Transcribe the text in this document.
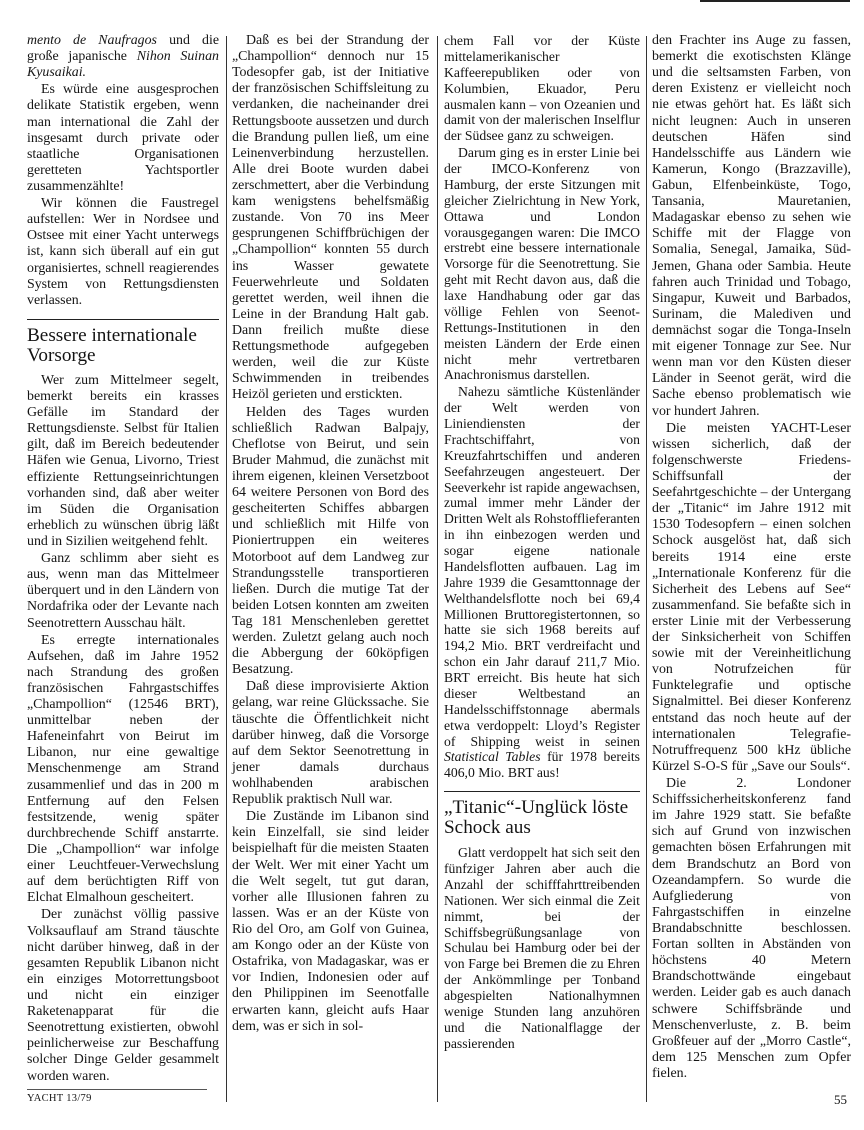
mento de Naufragos und die große japanische Nihon Suinan Kyusaikai.

Es würde eine ausgesprochen delikate Statistik ergeben, wenn man international die Zahl der insgesamt durch private oder staatliche Organisationen geretteten Yachtsportler zusammenzählte!

Wir können die Faustregel aufstellen: Wer in Nordsee und Ostsee mit einer Yacht unterwegs ist, kann sich überall auf ein gut organisiertes, schnell reagierendes System von Rettungsdiensten verlassen.

Bessere internationale Vorsorge

Wer zum Mittelmeer segelt, bemerkt bereits ein krasses Gefälle im Standard der Rettungsdienste. Selbst für Italien gilt, daß im Bereich bedeutender Häfen wie Genua, Livorno, Triest effiziente Rettungseinrichtungen vorhanden sind, daß aber weiter im Süden die Organisation erheblich zu wünschen übrig läßt und in Sizilien weitgehend fehlt.

Ganz schlimm aber sieht es aus, wenn man das Mittelmeer überquert und in den Ländern von Nordafrika oder der Levante nach Seenotrettern Ausschau hält.

Es erregte internationales Aufsehen, daß im Jahre 1952 nach Strandung des großen französischen Fahrgastschiffes „Champollion“ (12546 BRT), unmittelbar neben der Hafeneinfahrt von Beirut im Libanon, nur eine gewaltige Menschenmenge am Strand zusammenlief und das in 200 m Entfernung auf den Felsen festsitzende, wenig später durchbrechende Schiff anstarrte. Die „Champollion“ war infolge einer Leuchtfeuer-Verwechslung auf dem berüchtigten Riff von Elchat Elmalhoun gescheitert.

Der zunächst völlig passive Volksauflauf am Strand täuschte nicht darüber hinweg, daß in der gesamten Republik Libanon nicht ein einziges Motorrettungsboot und nicht ein einziger Raketenapparat für die Seenotrettung existierten, obwohl peinlicherweise zur Beschaffung solcher Dinge Gelder gesammelt worden waren.

Daß es bei der Strandung der „Champollion“ dennoch nur 15 Todesopfer gab, ist der Initiative der französischen Schiffsleitung zu verdanken, die nacheinander drei Rettungsboote aussetzen und durch die Brandung pullen ließ, um eine Leinenverbindung herzustellen. Alle drei Boote wurden dabei zerschmettert, aber die Verbindung kam wenigstens behelfsmäßig zustande. Von 70 ins Meer gesprungenen Schiffbrüchigen der „Champollion“ konnten 55 durch ins Wasser gewatete Feuerwehrleute und Soldaten gerettet werden, weil ihnen die Leine in der Brandung Halt gab. Dann freilich mußte diese Rettungsmethode aufgegeben werden, weil die zur Küste Schwimmenden in treibendes Heizöl gerieten und erstickten.

Helden des Tages wurden schließlich Radwan Balpajy, Cheflotse von Beirut, und sein Bruder Mahmud, die zunächst mit ihrem eigenen, kleinen Versetzboot 64 weitere Personen von Bord des gescheiterten Schiffes abbargen und schließlich mit Hilfe von Pioniertruppen ein weiteres Motorboot auf dem Landweg zur Strandungsstelle transportieren ließen. Durch die mutige Tat der beiden Lotsen konnten am zweiten Tag 181 Menschenleben gerettet werden. Zuletzt gelang auch noch die Abbergung der 60köpfigen Besatzung.

Daß diese improvisierte Aktion gelang, war reine Glückssache. Sie täuschte die Öffentlichkeit nicht darüber hinweg, daß die Vorsorge auf dem Sektor Seenotrettung in jener damals durchaus wohlhabenden arabischen Republik praktisch Null war.

Die Zustände im Libanon sind kein Einzelfall, sie sind leider beispielhaft für die meisten Staaten der Welt. Wer mit einer Yacht um die Welt segelt, tut gut daran, vorher alle Illusionen fahren zu lassen. Was er an der Küste von Rio del Oro, am Golf von Guinea, am Kongo oder an der Küste von Ostafrika, von Madagaskar, was er vor Indien, Indonesien oder auf den Philippinen im Seenotfalle erwarten kann, gleicht aufs Haar dem, was er sich in sol-

chem Fall vor der Küste mittelamerikanischer Kaffeerepubliken oder von Kolumbien, Ekuador, Peru ausmalen kann – von Ozeanien und damit von der malerischen Inselflur der Südsee ganz zu schweigen.

Darum ging es in erster Linie bei der IMCO-Konferenz von Hamburg, der erste Sitzungen mit gleicher Zielrichtung in New York, Ottawa und London vorausgegangen waren: Die IMCO erstrebt eine bessere internationale Vorsorge für die Seenotrettung. Sie geht mit Recht davon aus, daß die laxe Handhabung oder gar das völlige Fehlen von Seenot-Rettungs-Institutionen in den meisten Ländern der Erde einen nicht mehr vertretbaren Anachronismus darstellen.

Nahezu sämtliche Küstenländer der Welt werden von Liniendiensten der Frachtschiffahrt, von Kreuzfahrtschiffen und anderen Seefahrzeugen angesteuert. Der Seeverkehr ist rapide angewachsen, zumal immer mehr Länder der Dritten Welt als Rohstofflieferanten in ihn einbezogen werden und sogar eigene nationale Handelsflotten aufbauen. Lag im Jahre 1939 die Gesamttonnage der Welthandelsflotte noch bei 69,4 Millionen Bruttoregistertonnen, so hatte sie sich 1968 bereits auf 194,2 Mio. BRT verdreifacht und schon ein Jahr darauf 211,7 Mio. BRT erreicht. Bis heute hat sich dieser Weltbestand an Handelsschiffstonnage abermals etwa verdoppelt: Lloyd’s Register of Shipping weist in seinen Statistical Tables für 1978 bereits 406,0 Mio. BRT aus!

„Titanic“-Unglück löste Schock aus

Glatt verdoppelt hat sich seit den fünfziger Jahren aber auch die Anzahl der schifffahrttreibenden Nationen. Wer sich einmal die Zeit nimmt, bei der Schiffsbegrüßungsanlage von Schulau bei Hamburg oder bei der von Farge bei Bremen die zu Ehren der Ankömmlinge per Tonband abgespielten Nationalhymnen wenige Stunden lang anzuhören und die Nationalflagge der passierenden

den Frachter ins Auge zu fassen, bemerkt die exotischsten Klänge und die seltsamsten Farben, von deren Existenz er vielleicht noch nie etwas gehört hat. Es läßt sich nicht leugnen: Auch in unseren deutschen Häfen sind Handelsschiffe aus Ländern wie Kamerun, Kongo (Brazzaville), Gabun, Elfenbeinküste, Togo, Tansania, Mauretanien, Madagaskar ebenso zu sehen wie Schiffe mit der Flagge von Somalia, Senegal, Jamaika, Süd-Jemen, Ghana oder Sambia. Heute fahren auch Trinidad und Tobago, Singapur, Kuweit und Barbados, Surinam, die Malediven und demnächst sogar die Tonga-Inseln mit eigener Tonnage zur See. Nur wenn man vor den Küsten dieser Länder in Seenot gerät, wird die Sache ebenso problematisch wie vor hundert Jahren.

Die meisten YACHT-Leser wissen sicherlich, daß der folgenschwerste Friedens-Schiffsunfall der Seefahrtgeschichte – der Untergang der „Titanic“ im Jahre 1912 mit 1530 Todesopfern – einen solchen Schock ausgelöst hat, daß sich bereits 1914 eine erste „Internationale Konferenz für die Sicherheit des Lebens auf See“ zusammenfand. Sie befaßte sich in erster Linie mit der Verbesserung der Sinksicherheit von Schiffen sowie mit der Vereinheitlichung von Notrufzeichen für Funktelegrafie und optische Signalmittel. Bei dieser Konferenz entstand das noch heute auf der internationalen Telegrafie-Notruffrequenz 500 kHz übliche Kürzel S-O-S für „Save our Souls“.

Die 2. Londoner Schiffssicherheitskonferenz fand im Jahre 1929 statt. Sie befaßte sich auf Grund von inzwischen gemachten bösen Erfahrungen mit dem Brandschutz an Bord von Ozeandampfern. So wurde die Aufgliederung von Fahrgastschiffen in einzelne Brandabschnitte beschlossen. Fortan sollten in Abständen von höchstens 40 Metern Brandschottwände eingebaut werden. Leider gab es auch danach schwere Schiffsbrände und Menschenverluste, z. B. beim Großfeuer auf der „Morro Castle“, dem 125 Menschen zum Opfer fielen.

YACHT 13/79	55
